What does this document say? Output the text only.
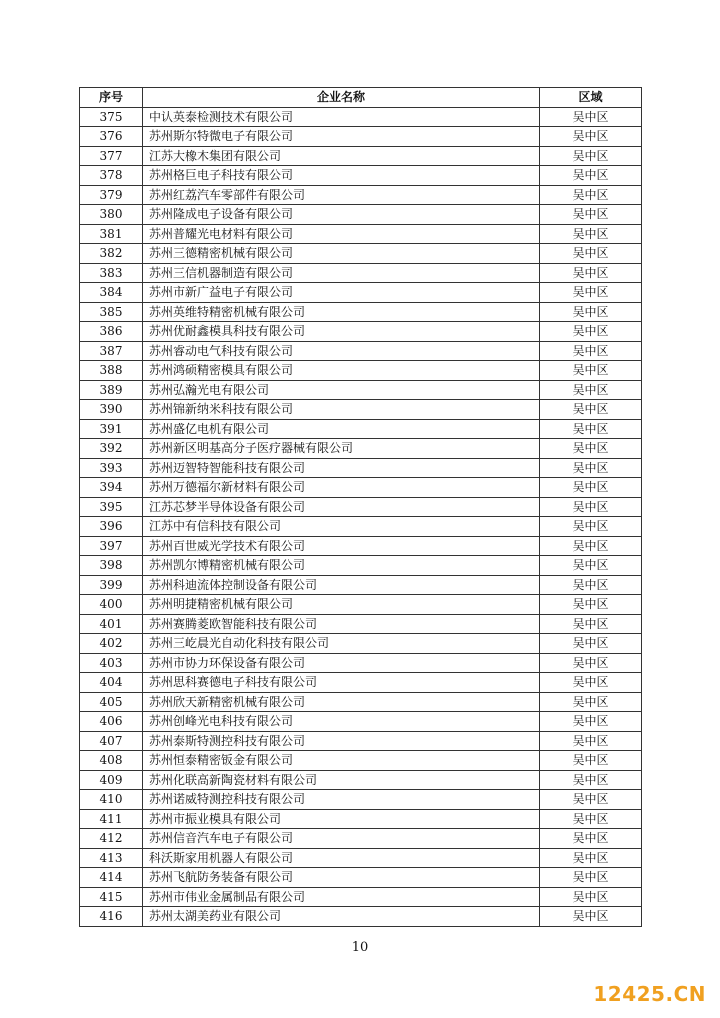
序号	企业名称	区域
375	中认英泰检测技术有限公司	吴中区
376	苏州斯尔特微电子有限公司	吴中区
377	江苏大橡木集团有限公司	吴中区
378	苏州格巨电子科技有限公司	吴中区
379	苏州红荔汽车零部件有限公司	吴中区
380	苏州隆成电子设备有限公司	吴中区
381	苏州普耀光电材料有限公司	吴中区
382	苏州三德精密机械有限公司	吴中区
383	苏州三信机器制造有限公司	吴中区
384	苏州市新广益电子有限公司	吴中区
385	苏州英维特精密机械有限公司	吴中区
386	苏州优耐鑫模具科技有限公司	吴中区
387	苏州睿动电气科技有限公司	吴中区
388	苏州鸿硕精密模具有限公司	吴中区
389	苏州弘瀚光电有限公司	吴中区
390	苏州锦新纳米科技有限公司	吴中区
391	苏州盛亿电机有限公司	吴中区
392	苏州新区明基高分子医疗器械有限公司	吴中区
393	苏州迈智特智能科技有限公司	吴中区
394	苏州万德福尔新材料有限公司	吴中区
395	江苏芯梦半导体设备有限公司	吴中区
396	江苏中有信科技有限公司	吴中区
397	苏州百世威光学技术有限公司	吴中区
398	苏州凯尔博精密机械有限公司	吴中区
399	苏州科迪流体控制设备有限公司	吴中区
400	苏州明捷精密机械有限公司	吴中区
401	苏州赛腾菱欧智能科技有限公司	吴中区
402	苏州三屹晨光自动化科技有限公司	吴中区
403	苏州市协力环保设备有限公司	吴中区
404	苏州思科赛德电子科技有限公司	吴中区
405	苏州欣天新精密机械有限公司	吴中区
406	苏州创峰光电科技有限公司	吴中区
407	苏州泰斯特测控科技有限公司	吴中区
408	苏州恒泰精密钣金有限公司	吴中区
409	苏州化联高新陶瓷材料有限公司	吴中区
410	苏州诺威特测控科技有限公司	吴中区
411	苏州市振业模具有限公司	吴中区
412	苏州信音汽车电子有限公司	吴中区
413	科沃斯家用机器人有限公司	吴中区
414	苏州飞航防务装备有限公司	吴中区
415	苏州市伟业金属制品有限公司	吴中区
416	苏州太湖美药业有限公司	吴中区
10
12425.CN
